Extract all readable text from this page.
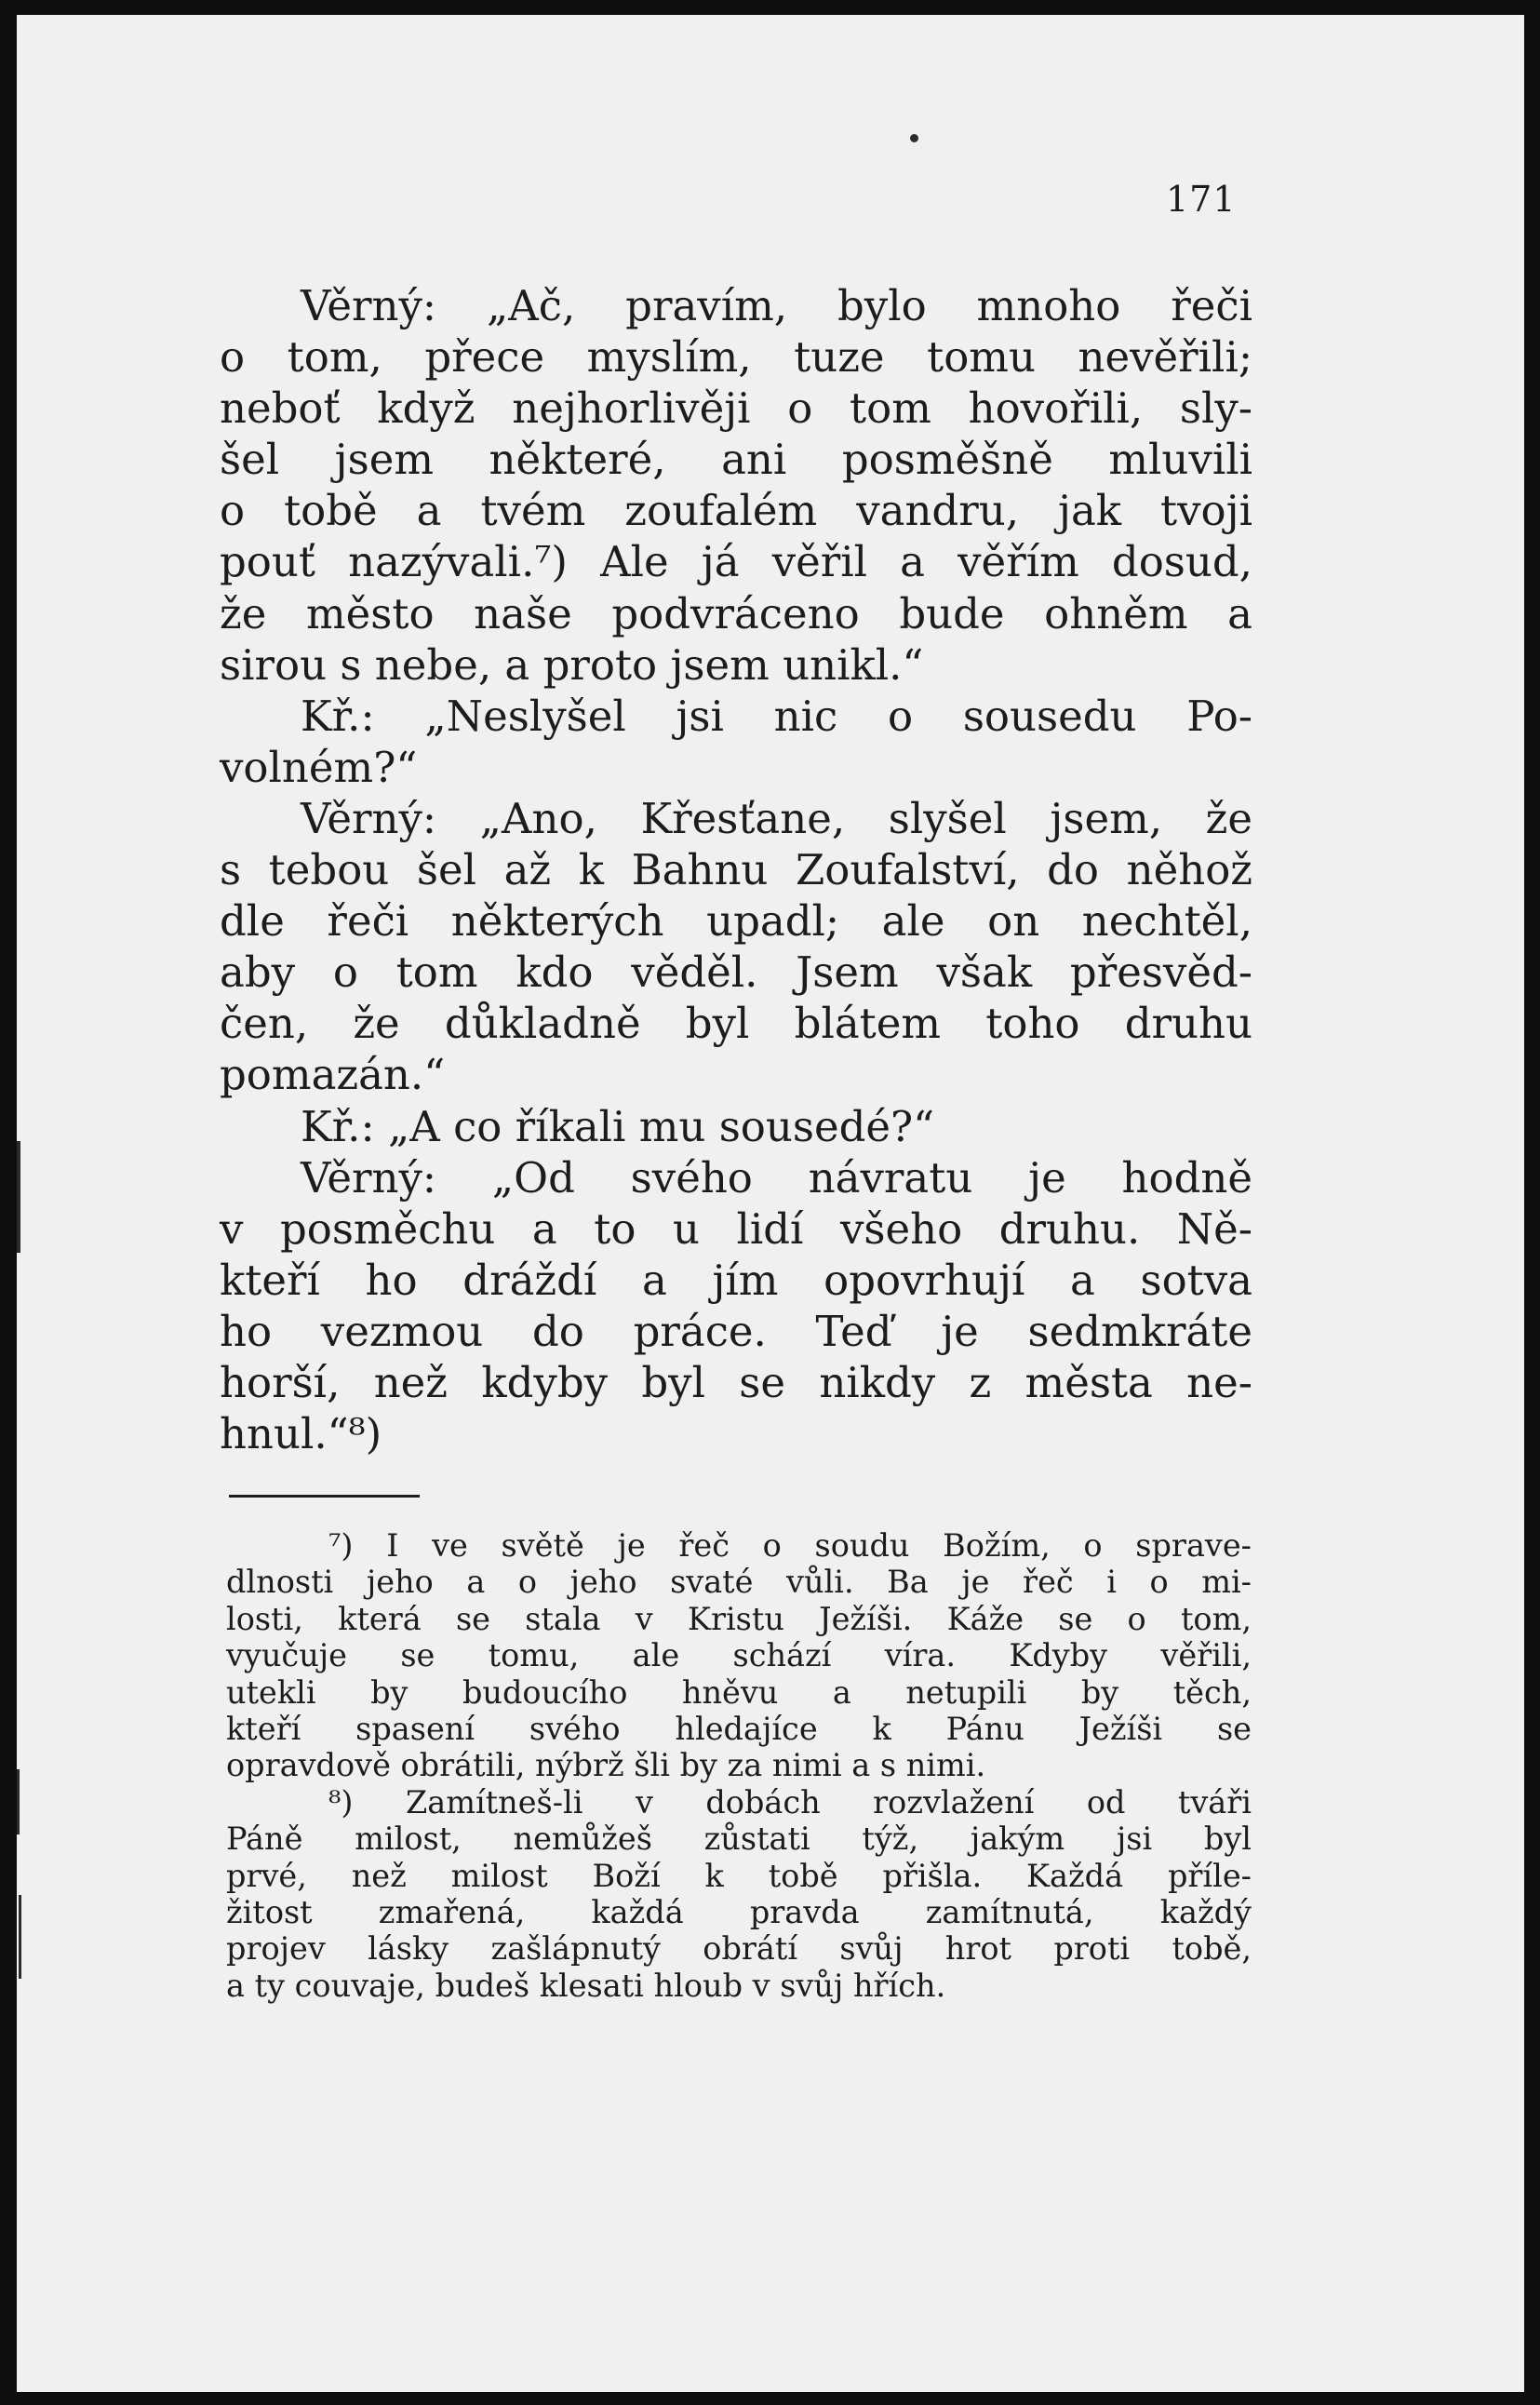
171
Věrný: „Ač, pravím, bylo mnoho řeči
o tom, přece myslím, tuze tomu nevěřili;
neboť když nejhorlivěji o tom hovořili, sly-
šel jsem některé, ani posměšně mluvili
o tobě a tvém zoufalém vandru, jak tvoji
pouť nazývali.⁷) Ale já věřil a věřím dosud,
že město naše podvráceno bude ohněm a
sirou s nebe, a proto jsem unikl.“
Kř.: „Neslyšel jsi nic o sousedu Po-
volném?“
Věrný: „Ano, Křesťane, slyšel jsem, že
s tebou šel až k Bahnu Zoufalství, do něhož
dle řeči některých upadl; ale on nechtěl,
aby o tom kdo věděl. Jsem však přesvěd-
čen, že důkladně byl blátem toho druhu
pomazán.“
Kř.: „A co říkali mu sousedé?“
Věrný: „Od svého návratu je hodně
v posměchu a to u lidí všeho druhu. Ně-
kteří ho dráždí a jím opovrhují a sotva
ho vezmou do práce. Teď je sedmkráte
horší, než kdyby byl se nikdy z města ne-
hnul.“⁸)
⁷) I ve světě je řeč o soudu Božím, o sprave-
dlnosti jeho a o jeho svaté vůli. Ba je řeč i o mi-
losti, která se stala v Kristu Ježíši. Káže se o tom,
vyučuje se tomu, ale schází víra. Kdyby věřili,
utekli by budoucího hněvu a netupili by těch,
kteří spasení svého hledajíce k Pánu Ježíši se
opravdově obrátili, nýbrž šli by za nimi a s nimi.
⁸) Zamítneš-li v dobách rozvlažení od tváři
Páně milost, nemůžeš zůstati týž, jakým jsi byl
prvé, než milost Boží k tobě přišla. Každá příle-
žitost zmařená, každá pravda zamítnutá, každý
projev lásky zašlápnutý obrátí svůj hrot proti tobě,
a ty couvaje, budeš klesati hloub v svůj hřích.
